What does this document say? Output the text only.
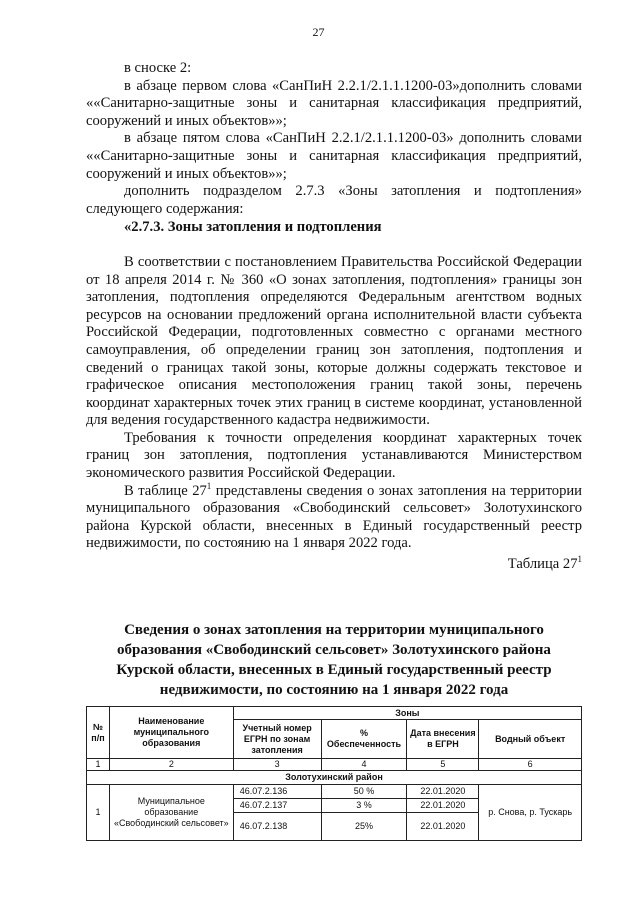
27

в сноске 2:

в абзаце первом слова «СанПиН 2.2.1/2.1.1.1200-03»дополнить словами ««Санитарно-защитные зоны и санитарная классификация предприятий, сооружений и иных объектов»»;

в абзаце пятом слова «СанПиН 2.2.1/2.1.1.1200-03» дополнить словами ««Санитарно-защитные зоны и санитарная классификация предприятий, сооружений и иных объектов»»;

дополнить подразделом 2.7.3 «Зоны затопления и подтопления» следующего содержания:

«2.7.3. Зоны затопления и подтопления

В соответствии с постановлением Правительства Российской Федерации от 18 апреля 2014 г. № 360 «О зонах затопления, подтопления» границы зон затопления, подтопления определяются Федеральным агентством водных ресурсов на основании предложений органа исполнительной власти субъекта Российской Федерации, подготовленных совместно с органами местного самоуправления, об определении границ зон затопления, подтопления и сведений о границах такой зоны, которые должны содержать текстовое и графическое описания местоположения границ такой зоны, перечень координат характерных точек этих границ в системе координат, установленной для ведения государственного кадастра недвижимости.

Требования к точности определения координат характерных точек границ зон затопления, подтопления устанавливаются Министерством экономического развития Российской Федерации.

В таблице $27^1$ представлены сведения о зонах затопления на территории муниципального образования «Свободинский сельсовет» Золотухинского района Курской области, внесенных в Единый государственный реестр недвижимости, по состоянию на 1 января 2022 года.

Таблица $27^1$

Сведения о зонах затопления на территории муниципального
образования «Свободинский сельсовет» Золотухинского района
Курской области, внесенных в Единый государственный реестр
недвижимости, по состоянию на 1 января 2022 года
№ п/п	Наименование муниципального образования	Зоны			
		Учетный номер ЕГРН по зонам затопления	% Обеспеченность	Дата внесения в ЕГРН	Водный объект
1	2	3	4	5	6
Золотухинский район					
1	Муниципальное образование «Свободинский сельсовет»	46.07.2.136	50 %	22.01.2020	р. Снова, р. Тускарь
		46.07.2.137	3 %	22.01.2020	
		46.07.2.138	25%	22.01.2020	
